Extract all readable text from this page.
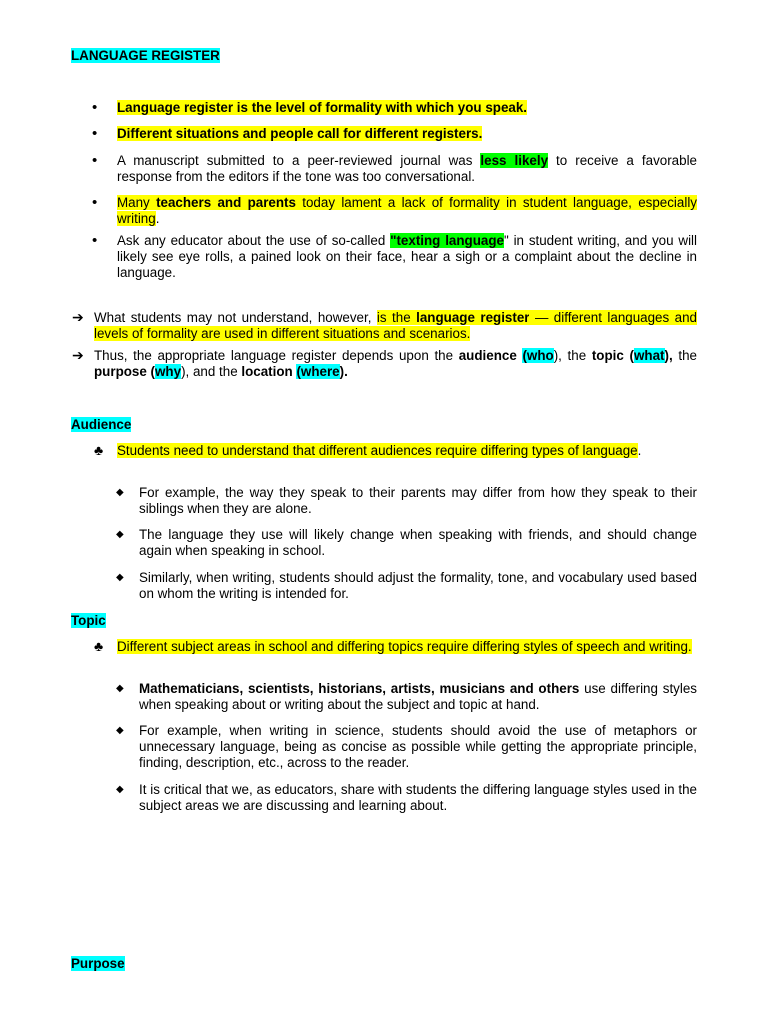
LANGUAGE REGISTER
• Language register is the level of formality with which you speak.
• Different situations and people call for different registers.
• A manuscript submitted to a peer-reviewed journal was less likely to receive a favorable response from the editors if the tone was too conversational.
• Many teachers and parents today lament a lack of formality in student language, especially writing.
• Ask any educator about the use of so-called "texting language" in student writing, and you will likely see eye rolls, a pained look on their face, hear a sigh or a complaint about the decline in language.
➔ What students may not understand, however, is the language register — different languages and levels of formality are used in different situations and scenarios.
➔ Thus, the appropriate language register depends upon the audience (who), the topic (what), the purpose (why), and the location (where).
Audience
♣ Students need to understand that different audiences require differing types of language.
◆ For example, the way they speak to their parents may differ from how they speak to their siblings when they are alone.
◆ The language they use will likely change when speaking with friends, and should change again when speaking in school.
◆ Similarly, when writing, students should adjust the formality, tone, and vocabulary used based on whom the writing is intended for.
Topic
♣ Different subject areas in school and differing topics require differing styles of speech and writing.
◆ Mathematicians, scientists, historians, artists, musicians and others use differing styles when speaking about or writing about the subject and topic at hand.
◆ For example, when writing in science, students should avoid the use of metaphors or unnecessary language, being as concise as possible while getting the appropriate principle, finding, description, etc., across to the reader.
◆ It is critical that we, as educators, share with students the differing language styles used in the subject areas we are discussing and learning about.
Purpose
